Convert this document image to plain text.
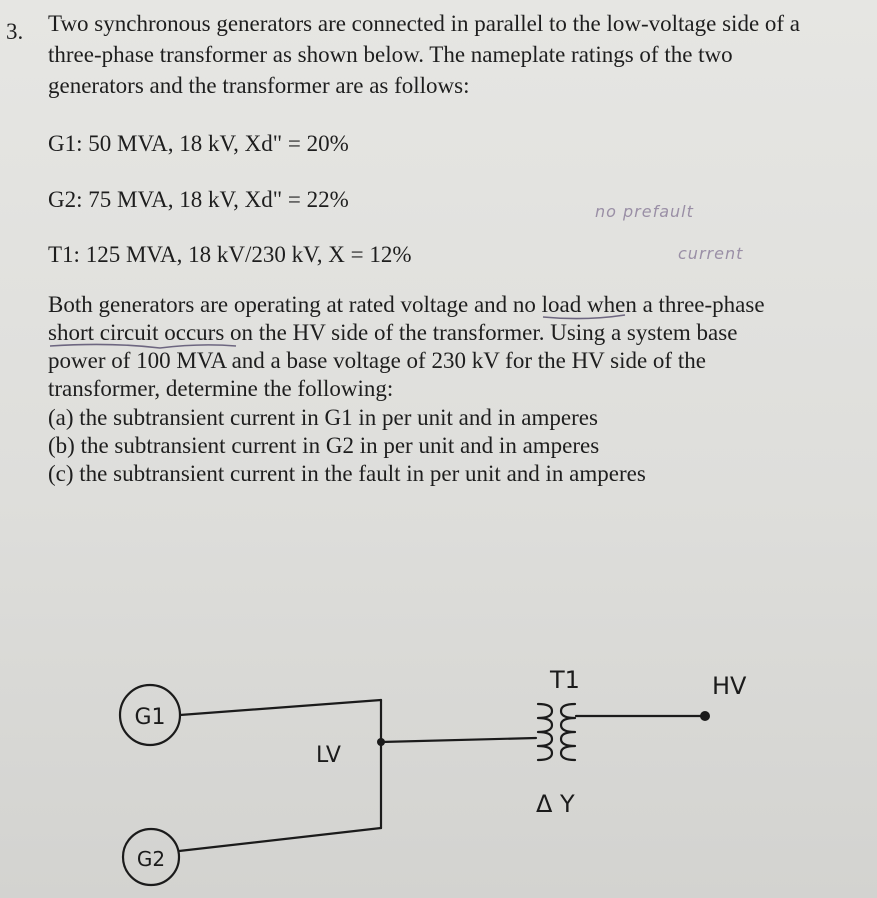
3. Two synchronous generators are connected in parallel to the low-voltage side of a
three-phase transformer as shown below. The nameplate ratings of the two
generators and the transformer are as follows:
G1: 50 MVA, 18 kV, Xd" = 20%
G2: 75 MVA, 18 kV, Xd" = 22%
T1: 125 MVA, 18 kV/230 kV, X = 12%
no prefault
current
Both generators are operating at rated voltage and no load when a three-phase
short circuit occurs on the HV side of the transformer. Using a system base
power of 100 MVA and a base voltage of 230 kV for the HV side of the
transformer, determine the following:
(a) the subtransient current in G1 in per unit and in amperes
(b) the subtransient current in G2 in per unit and in amperes
(c) the subtransient current in the fault in per unit and in amperes
G1
G2
LV
T1
Δ Y
HV
